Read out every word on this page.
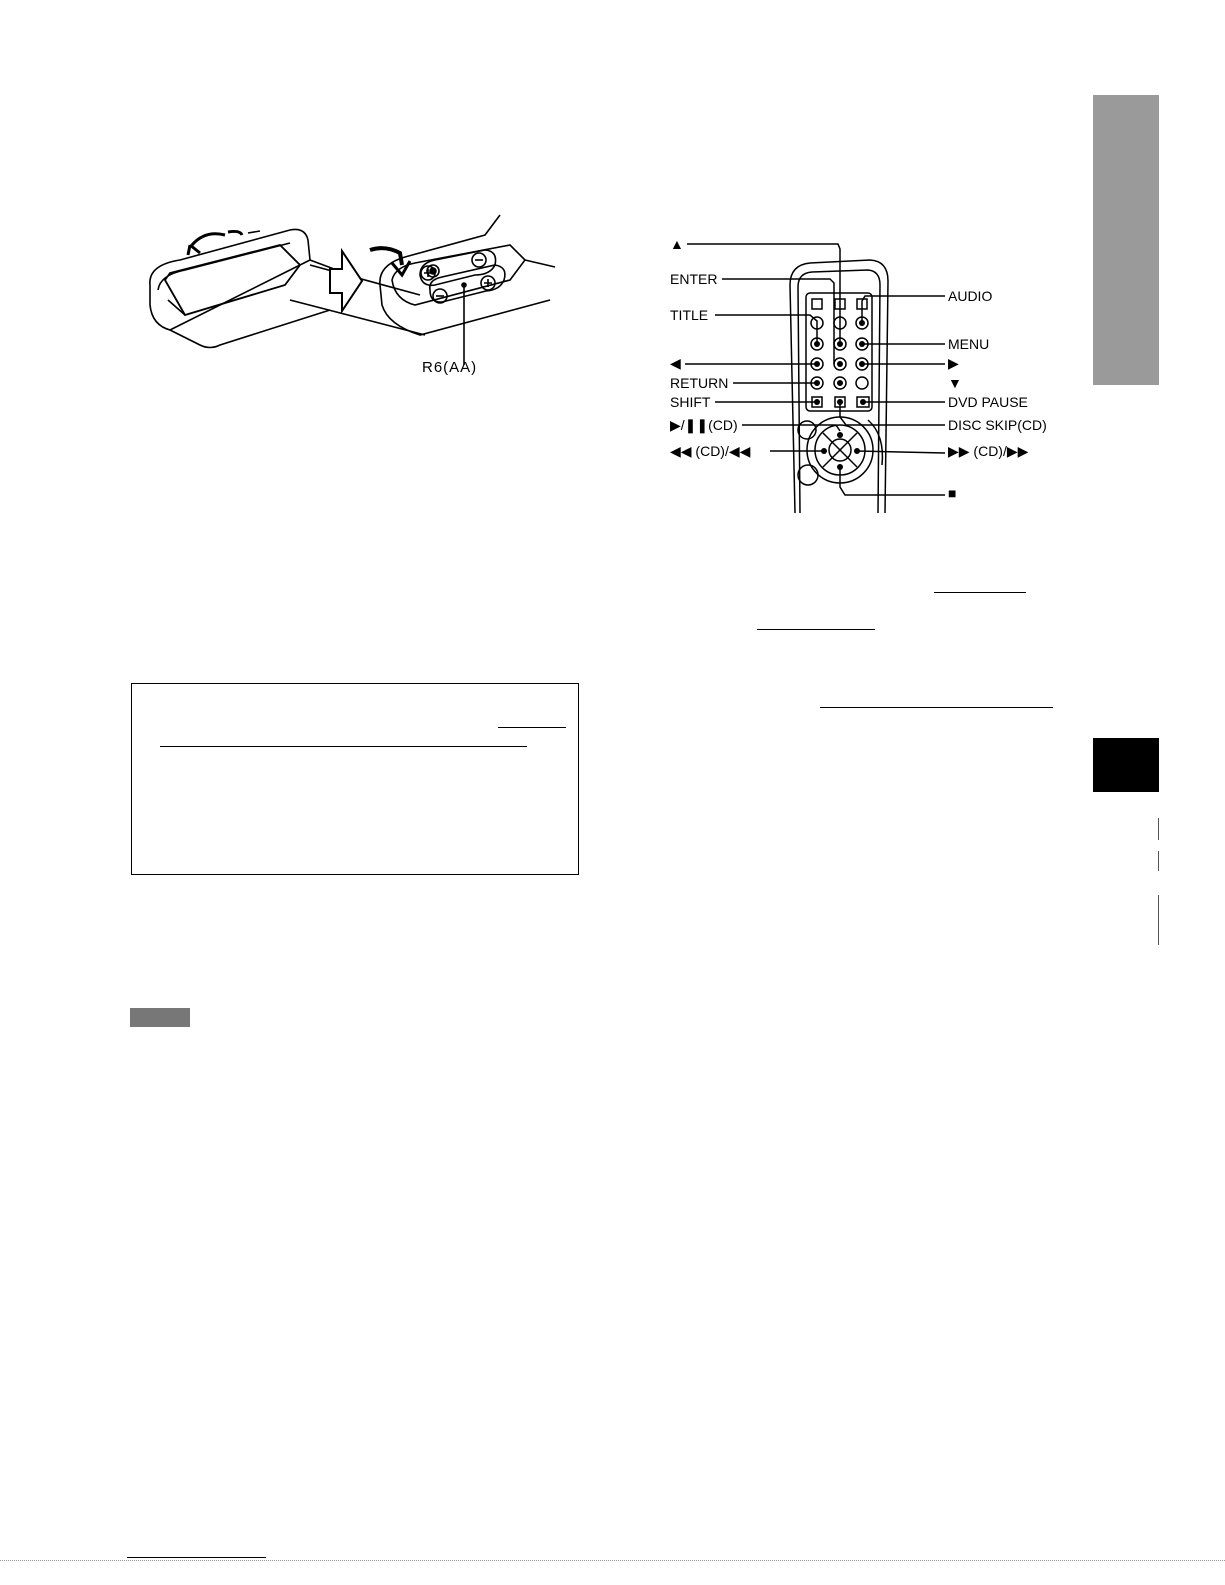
R6(AA)
▲
ENTER
TITLE
◀
RETURN
SHIFT
▶/❚❚(CD)
◀◀ (CD)/◀◀
AUDIO
MENU
▶
▼
DVD PAUSE
DISC SKIP(CD)
▶▶ (CD)/▶▶
■
